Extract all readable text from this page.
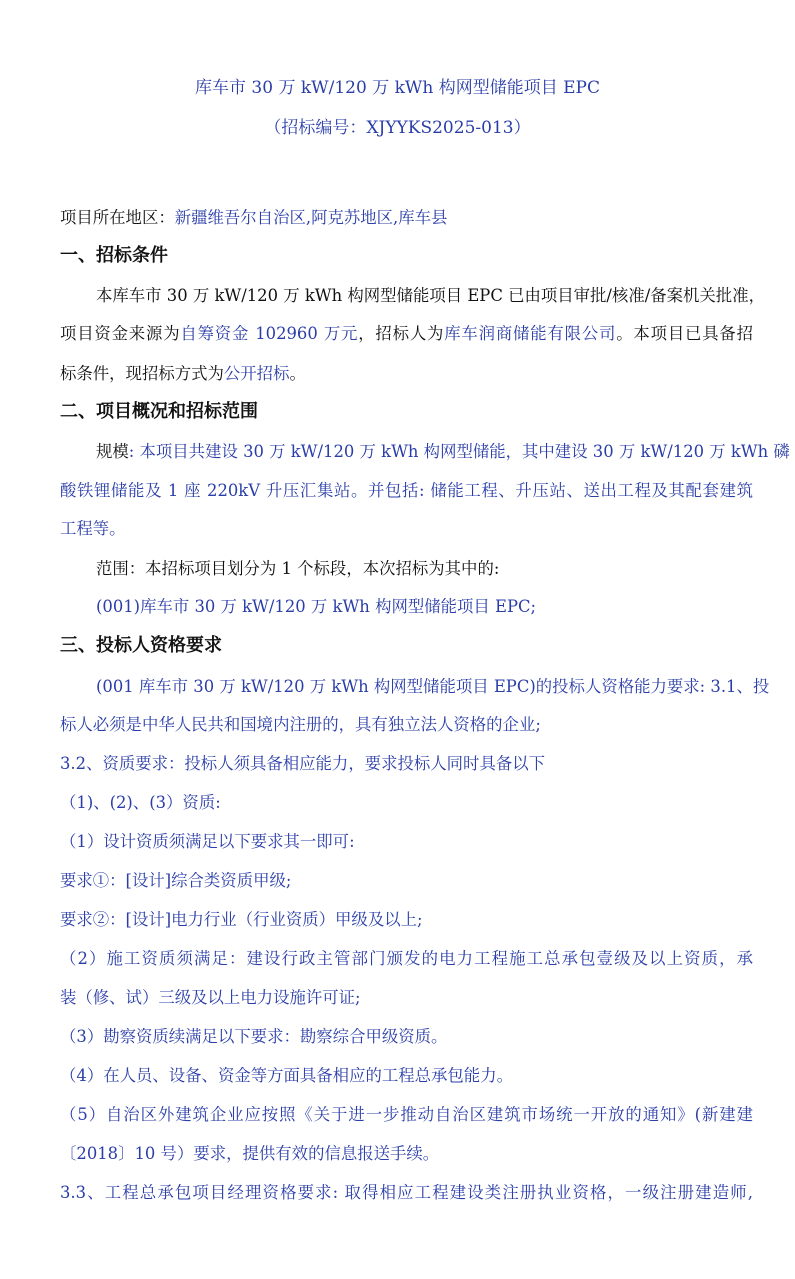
库车市 30 万 kW/120 万 kWh 构网型储能项目 EPC
（招标编号：XJYYKS2025-013）
项目所在地区：新疆维吾尔自治区,阿克苏地区,库车县
一、招标条件
本库车市 30 万 kW/120 万 kWh 构网型储能项目 EPC 已由项目审批/核准/备案机关批准，
项目资金来源为自筹资金 102960 万元，招标人为库车润商储能有限公司。本项目已具备招
标条件，现招标方式为公开招标。
二、项目概况和招标范围
规模: 本项目共建设 30 万 kW/120 万 kWh 构网型储能，其中建设 30 万 kW/120 万 kWh 磷
酸铁锂储能及 1 座 220kV 升压汇集站。并包括: 储能工程、升压站、送出工程及其配套建筑
工程等。
范围：本招标项目划分为 1 个标段，本次招标为其中的:
(001)库车市 30 万 kW/120 万 kWh 构网型储能项目 EPC;
三、投标人资格要求
(001 库车市 30 万 kW/120 万 kWh 构网型储能项目 EPC)的投标人资格能力要求: 3.1、投
标人必须是中华人民共和国境内注册的，具有独立法人资格的企业;
3.2、资质要求：投标人须具备相应能力，要求投标人同时具备以下
（1)、(2)、(3）资质:
（1）设计资质须满足以下要求其一即可:
要求①：[设计]综合类资质甲级;
要求②：[设计]电力行业（行业资质）甲级及以上;
（2）施工资质须满足：建设行政主管部门颁发的电力工程施工总承包壹级及以上资质，承
装（修、试）三级及以上电力设施许可证;
（3）勘察资质续满足以下要求：勘察综合甲级资质。
（4）在人员、设备、资金等方面具备相应的工程总承包能力。
（5）自治区外建筑企业应按照《关于进一步推动自治区建筑市场统一开放的通知》(新建建
〔2018〕10 号）要求，提供有效的信息报送手续。
3.3、工程总承包项目经理资格要求: 取得相应工程建设类注册执业资格，一级注册建造师,
